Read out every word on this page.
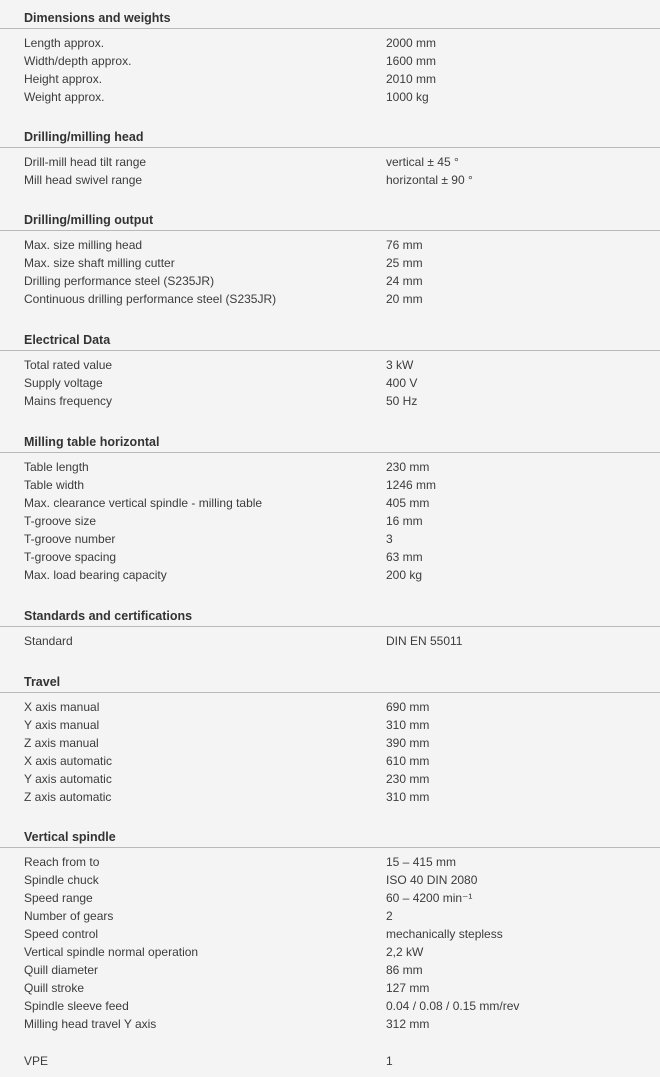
Dimensions and weights
Length approx.	2000 mm
Width/depth approx.	1600 mm
Height approx.	2010 mm
Weight approx.	1000 kg
Drilling/milling head
Drill-mill head tilt range	vertical ± 45 °
Mill head swivel range	horizontal ± 90 °
Drilling/milling output
Max. size milling head	76 mm
Max. size shaft milling cutter	25 mm
Drilling performance steel (S235JR)	24 mm
Continuous drilling performance steel (S235JR)	20 mm
Electrical Data
Total rated value	3 kW
Supply voltage	400 V
Mains frequency	50 Hz
Milling table horizontal
Table length	230 mm
Table width	1246 mm
Max. clearance vertical spindle - milling table	405 mm
T-groove size	16 mm
T-groove number	3
T-groove spacing	63 mm
Max. load bearing capacity	200 kg
Standards and certifications
Standard	DIN EN 55011
Travel
X axis manual	690 mm
Y axis manual	310 mm
Z axis manual	390 mm
X axis automatic	610 mm
Y axis automatic	230 mm
Z axis automatic	310 mm
Vertical spindle
Reach from to	15 – 415 mm
Spindle chuck	ISO 40 DIN 2080
Speed range	60 – 4200 min⁻¹
Number of gears	2
Speed control	mechanically stepless
Vertical spindle normal operation	2,2 kW
Quill diameter	86 mm
Quill stroke	127 mm
Spindle sleeve feed	0.04 / 0.08 / 0.15 mm/rev
Milling head travel Y axis	312 mm
VPE	1
